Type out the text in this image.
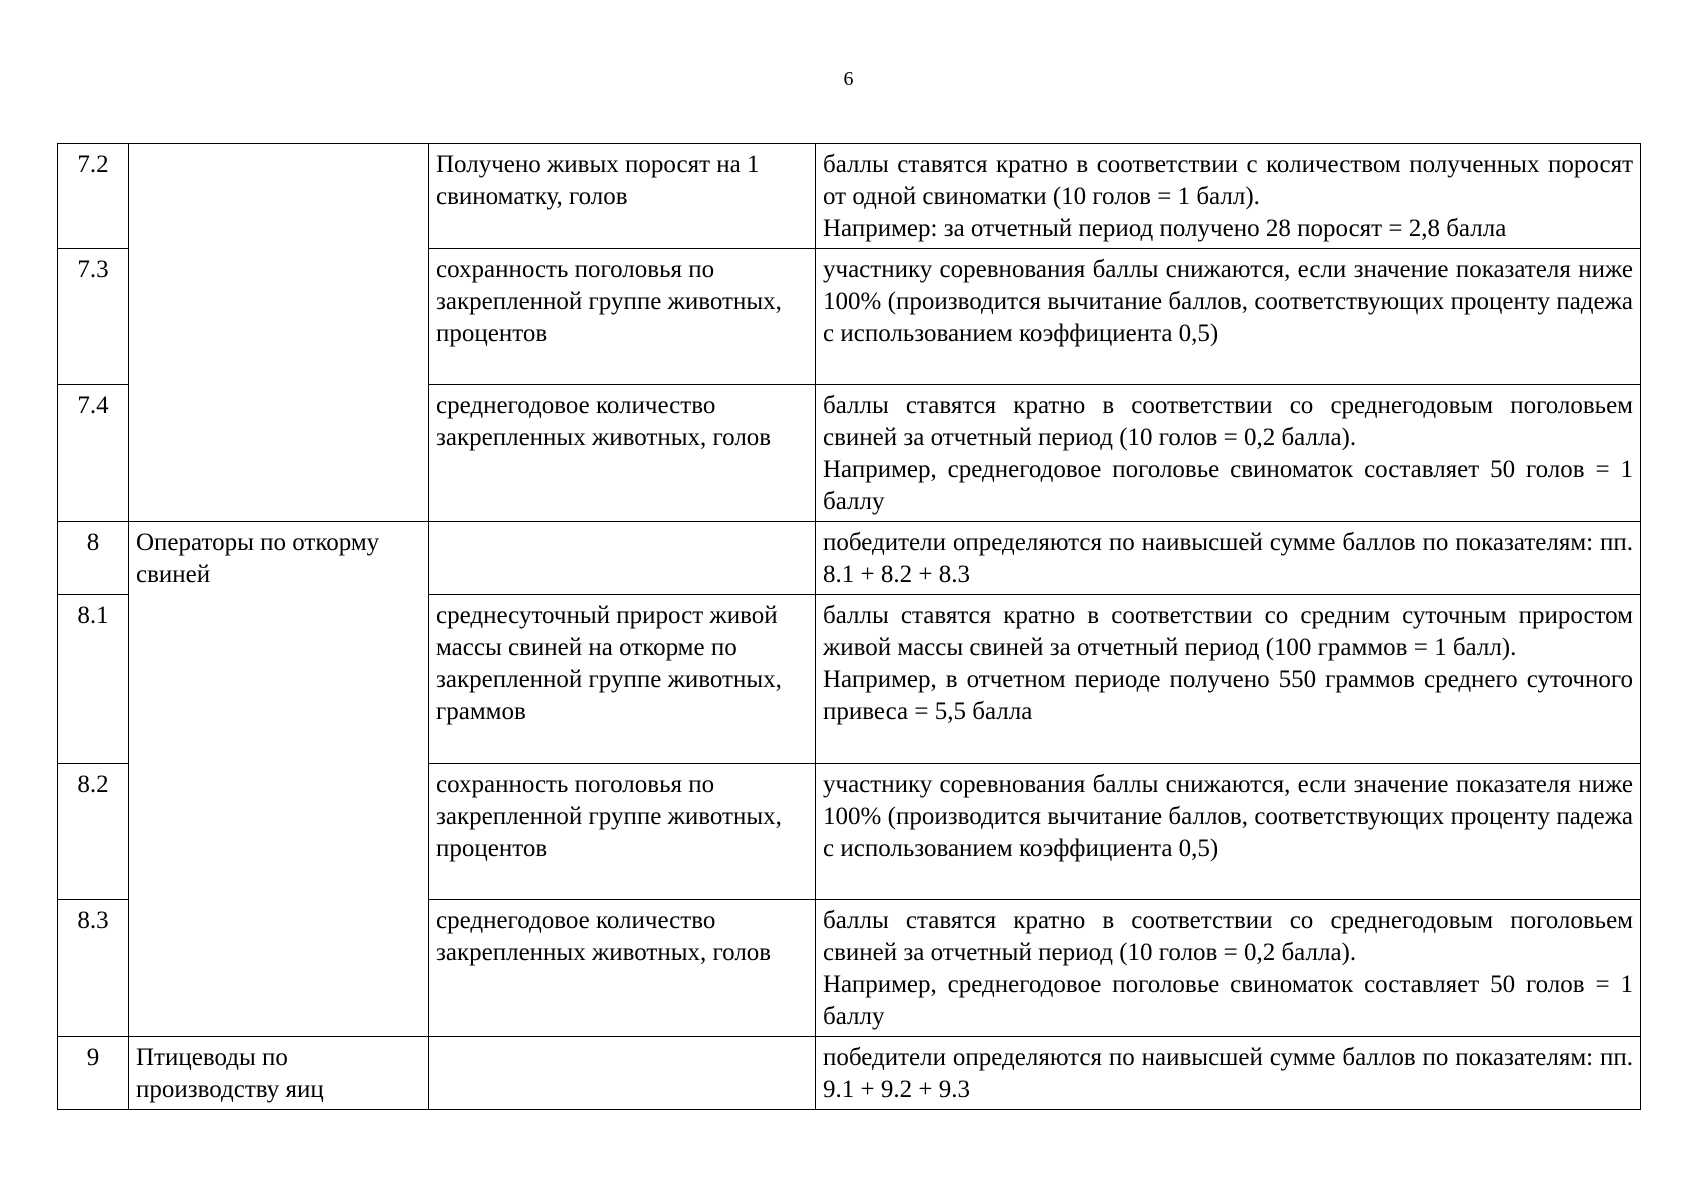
6
7.2		Получено живых поросят на 1 свиноматку, голов	баллы ставятся кратно в соответствии с количеством полученных поросят от одной свиноматки (10 голов = 1 балл).
Например: за отчетный период получено 28 поросят = 2,8 балла

7.3		сохранность поголовья по закрепленной группе животных, процентов	участнику соревнования баллы снижаются, если значение показателя ниже 100% (производится вычитание баллов, соответствующих проценту падежа с использованием коэффициента 0,5)

7.4		среднегодовое количество закрепленных животных, голов	баллы ставятся кратно в соответствии со среднегодовым поголовьем свиней за отчетный период (10 голов = 0,2 балла).
Например, среднегодовое поголовье свиноматок составляет 50 голов = 1 баллу

8	Операторы по откорму свиней		победители определяются по наивысшей сумме баллов по показателям: пп. 8.1 + 8.2 + 8.3

8.1		среднесуточный прирост живой массы свиней на откорме по закрепленной группе животных, граммов	баллы ставятся кратно в соответствии со средним суточным приростом живой массы свиней за отчетный период (100 граммов = 1 балл).
Например, в отчетном периоде получено 550 граммов среднего суточного привеса = 5,5 балла

8.2		сохранность поголовья по закрепленной группе животных, процентов	участнику соревнования баллы снижаются, если значение показателя ниже 100% (производится вычитание баллов, соответствующих проценту падежа с использованием коэффициента 0,5)

8.3		среднегодовое количество закрепленных животных, голов	баллы ставятся кратно в соответствии со среднегодовым поголовьем свиней за отчетный период (10 голов = 0,2 балла).
Например, среднегодовое поголовье свиноматок составляет 50 голов = 1 баллу

9	Птицеводы по производству яиц		победители определяются по наивысшей сумме баллов по показателям: пп. 9.1 + 9.2 + 9.3
